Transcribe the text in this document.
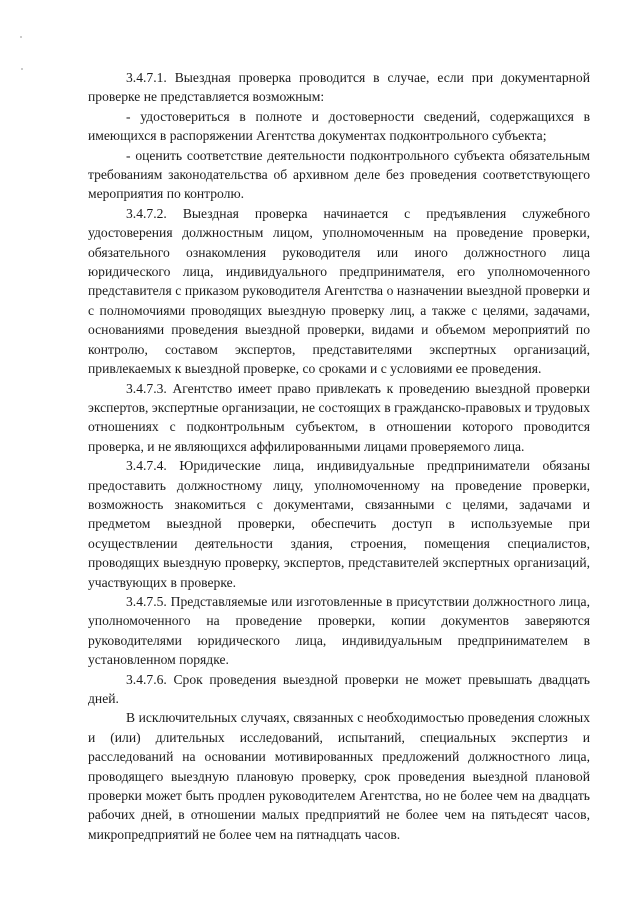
3.4.7.1. Выездная проверка проводится в случае, если при документарной проверке не представляется возможным:

- удостовериться в полноте и достоверности сведений, содержащихся в имеющихся в распоряжении Агентства документах подконтрольного субъекта;

- оценить соответствие деятельности подконтрольного субъекта обязательным требованиям законодательства об архивном деле без проведения соответствующего мероприятия по контролю.

3.4.7.2. Выездная проверка начинается с предъявления служебного удостоверения должностным лицом, уполномоченным на проведение проверки, обязательного ознакомления руководителя или иного должностного лица юридического лица, индивидуального предпринимателя, его уполномоченного представителя с приказом руководителя Агентства о назначении выездной проверки и с полномочиями проводящих выездную проверку лиц, а также с целями, задачами, основаниями проведения выездной проверки, видами и объемом мероприятий по контролю, составом экспертов, представителями экспертных организаций, привлекаемых к выездной проверке, со сроками и с условиями ее проведения.

3.4.7.3. Агентство имеет право привлекать к проведению выездной проверки экспертов, экспертные организации, не состоящих в гражданско-правовых и трудовых отношениях с подконтрольным субъектом, в отношении которого проводится проверка, и не являющихся аффилированными лицами проверяемого лица.

3.4.7.4. Юридические лица, индивидуальные предприниматели обязаны предоставить должностному лицу, уполномоченному на проведение проверки, возможность знакомиться с документами, связанными с целями, задачами и предметом выездной проверки, обеспечить доступ в используемые при осуществлении деятельности здания, строения, помещения специалистов, проводящих выездную проверку, экспертов, представителей экспертных организаций, участвующих в проверке.

3.4.7.5. Представляемые или изготовленные в присутствии должностного лица, уполномоченного на проведение проверки, копии документов заверяются руководителями юридического лица, индивидуальным предпринимателем в установленном порядке.

3.4.7.6. Срок проведения выездной проверки не может превышать двадцать дней.

В исключительных случаях, связанных с необходимостью проведения сложных и (или) длительных исследований, испытаний, специальных экспертиз и расследований на основании мотивированных предложений должностного лица, проводящего выездную плановую проверку, срок проведения выездной плановой проверки может быть продлен руководителем Агентства, но не более чем на двадцать рабочих дней, в отношении малых предприятий не более чем на пятьдесят часов, микропредприятий не более чем на пятнадцать часов.
